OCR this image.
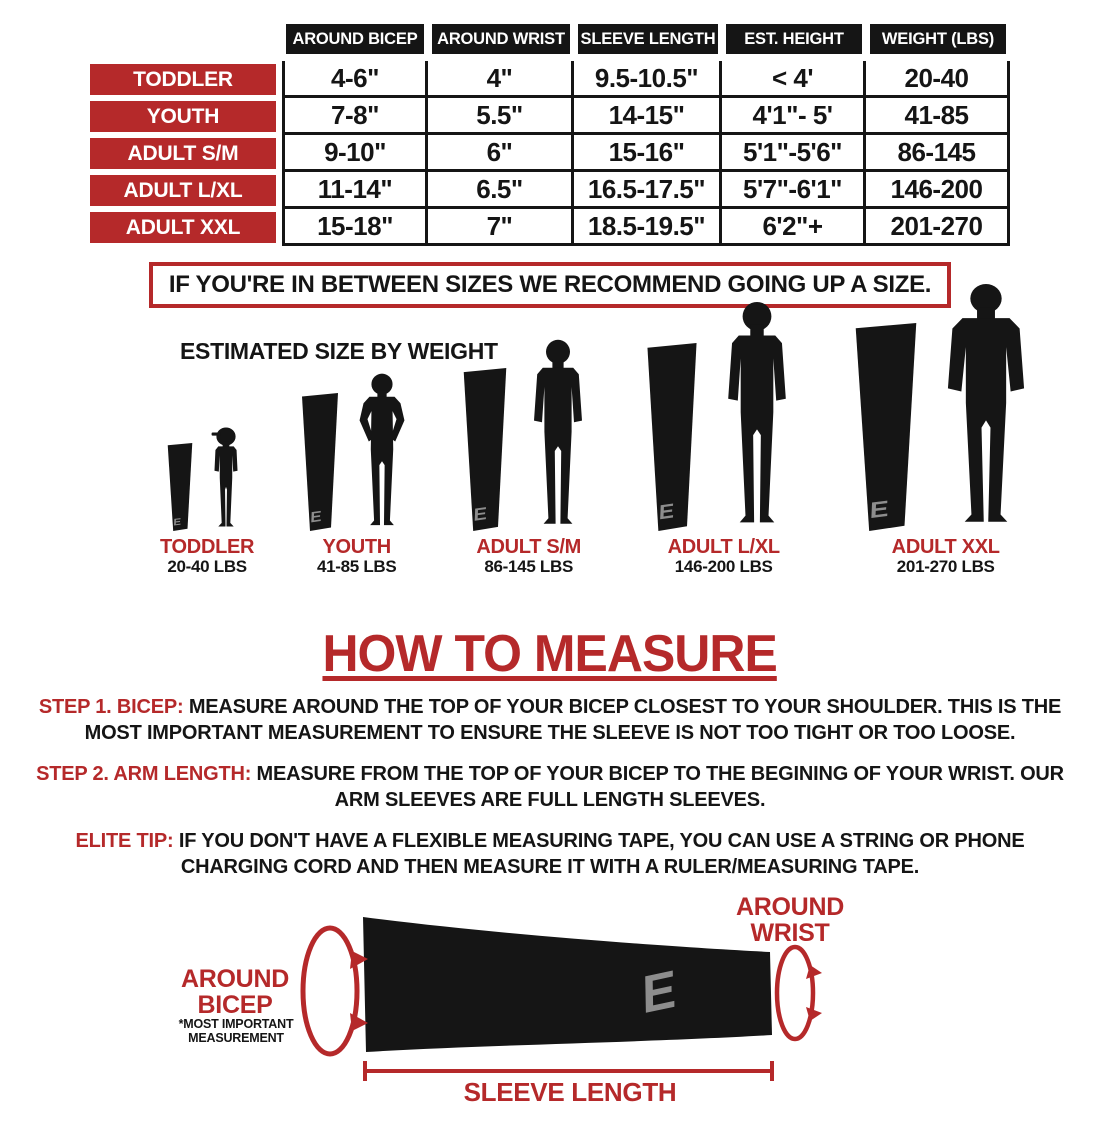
	AROUND BICEP	AROUND WRIST	SLEEVE LENGTH	EST. HEIGHT	WEIGHT (LBS)
TODDLER	4-6"	4"	9.5-10.5"	< 4'	20-40
YOUTH	7-8"	5.5"	14-15"	4'1"- 5'	41-85
ADULT S/M	9-10"	6"	15-16"	5'1"-5'6"	86-145
ADULT L/XL	11-14"	6.5"	16.5-17.5"	5'7"-6'1"	146-200
ADULT XXL	15-18"	7"	18.5-19.5"	6'2"+	201-270
IF YOU'RE IN BETWEEN SIZES WE RECOMMEND GOING UP A SIZE.
ESTIMATED SIZE BY WEIGHT
E
TODDLER
20-40 LBS
E
YOUTH
41-85 LBS
E
ADULT S/M
86-145 LBS
E
ADULT L/XL
146-200 LBS
E
ADULT XXL
201-270 LBS
HOW TO MEASURE

STEP 1. BICEP: MEASURE AROUND THE TOP OF YOUR BICEP CLOSEST TO YOUR SHOULDER. THIS IS THE MOST IMPORTANT MEASUREMENT TO ENSURE THE SLEEVE IS NOT TOO TIGHT OR TOO LOOSE.

STEP 2. ARM LENGTH: MEASURE FROM THE TOP OF YOUR BICEP TO THE BEGINING OF YOUR WRIST. OUR ARM SLEEVES ARE FULL LENGTH SLEEVES.

ELITE TIP: IF YOU DON'T HAVE A FLEXIBLE MEASURING TAPE, YOU CAN USE A STRING OR PHONE CHARGING CORD AND THEN MEASURE IT WITH A RULER/MEASURING TAPE.

E
AROUND WRIST
AROUND BICEP
*MOST IMPORTANT MEASUREMENT
SLEEVE LENGTH
